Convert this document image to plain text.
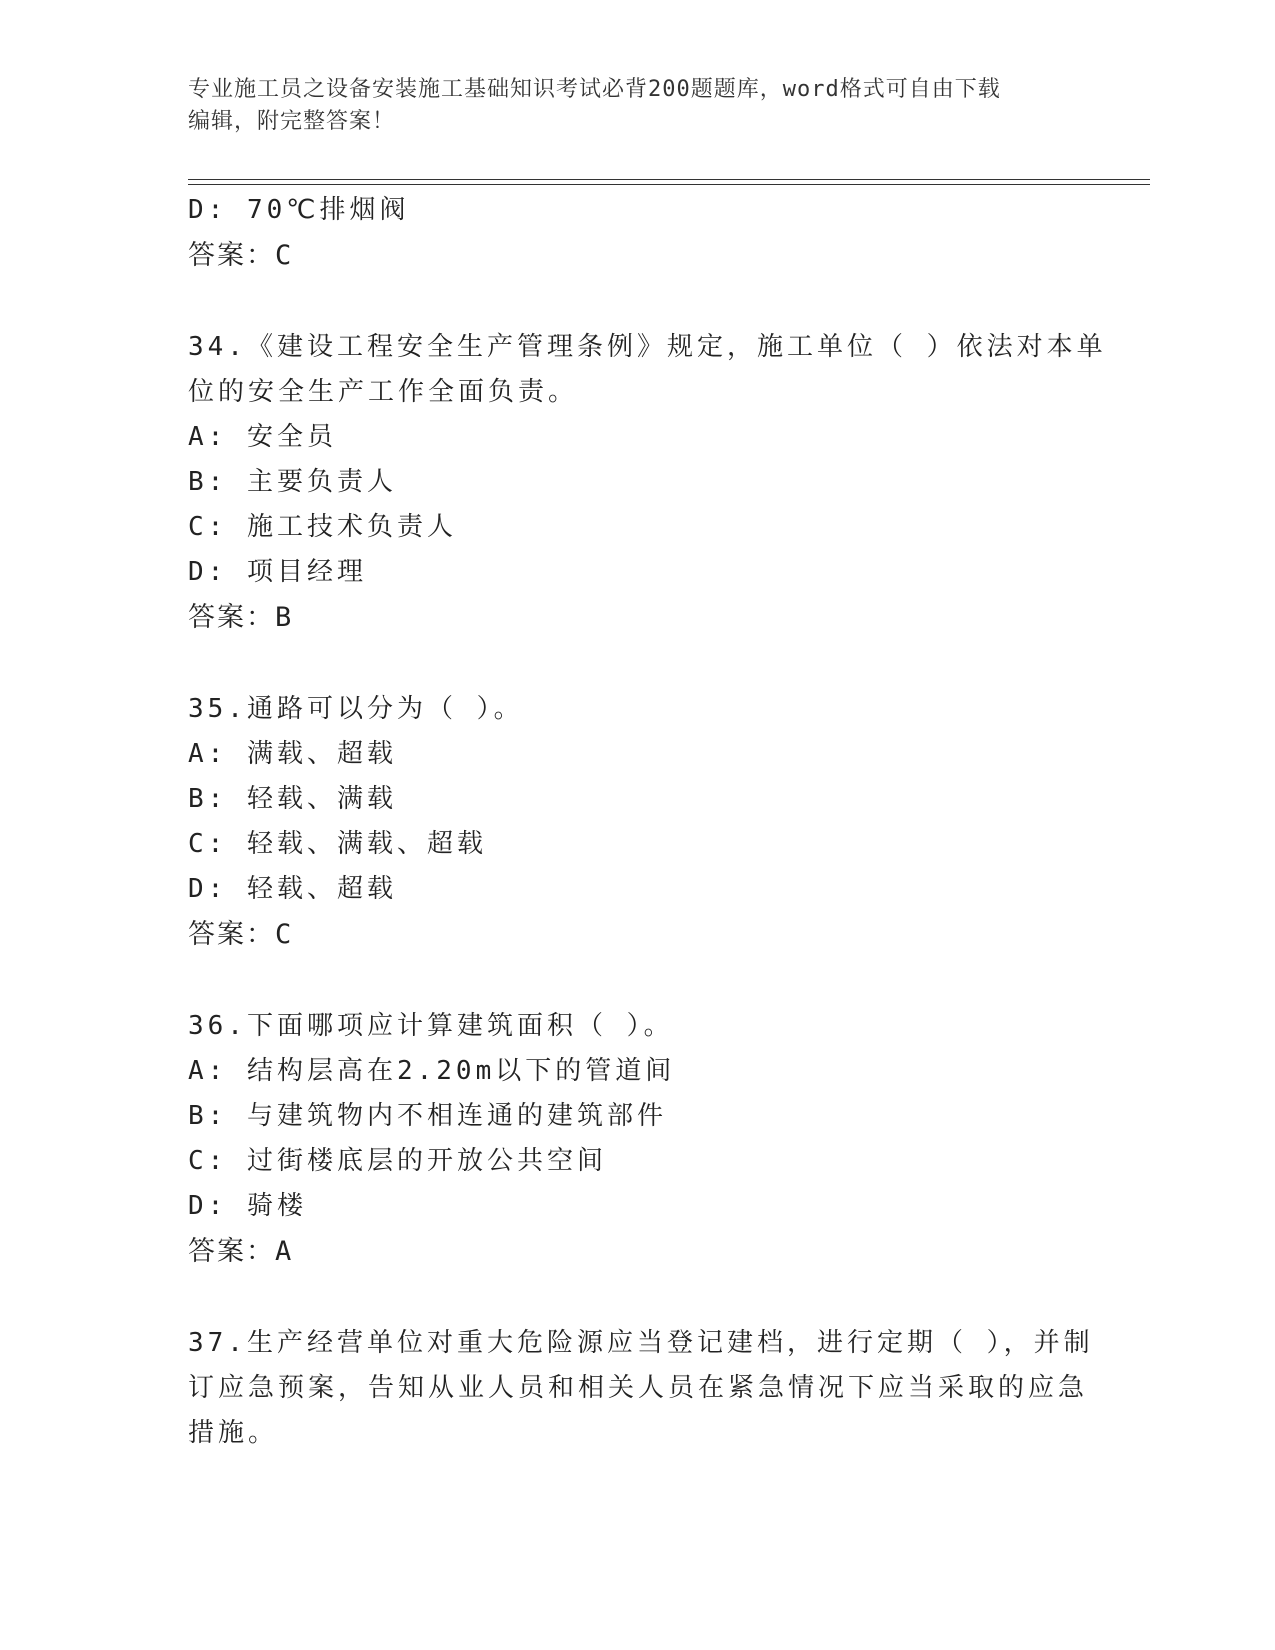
专业施工员之设备安装施工基础知识考试必背200题题库，word格式可自由下载
编辑，附完整答案！
D: 70℃排烟阀
答案：C
34.《建设工程安全生产管理条例》规定，施工单位（ ）依法对本单
位的安全生产工作全面负责。
A: 安全员
B: 主要负责人
C: 施工技术负责人
D: 项目经理
答案：B
35.通路可以分为（ ）。
A: 满载、超载
B: 轻载、满载
C: 轻载、满载、超载
D: 轻载、超载
答案：C
36.下面哪项应计算建筑面积（ ）。
A: 结构层高在2.20m以下的管道间
B: 与建筑物内不相连通的建筑部件
C: 过街楼底层的开放公共空间
D: 骑楼
答案：A
37.生产经营单位对重大危险源应当登记建档，进行定期（ ），并制
订应急预案，告知从业人员和相关人员在紧急情况下应当采取的应急
措施。
